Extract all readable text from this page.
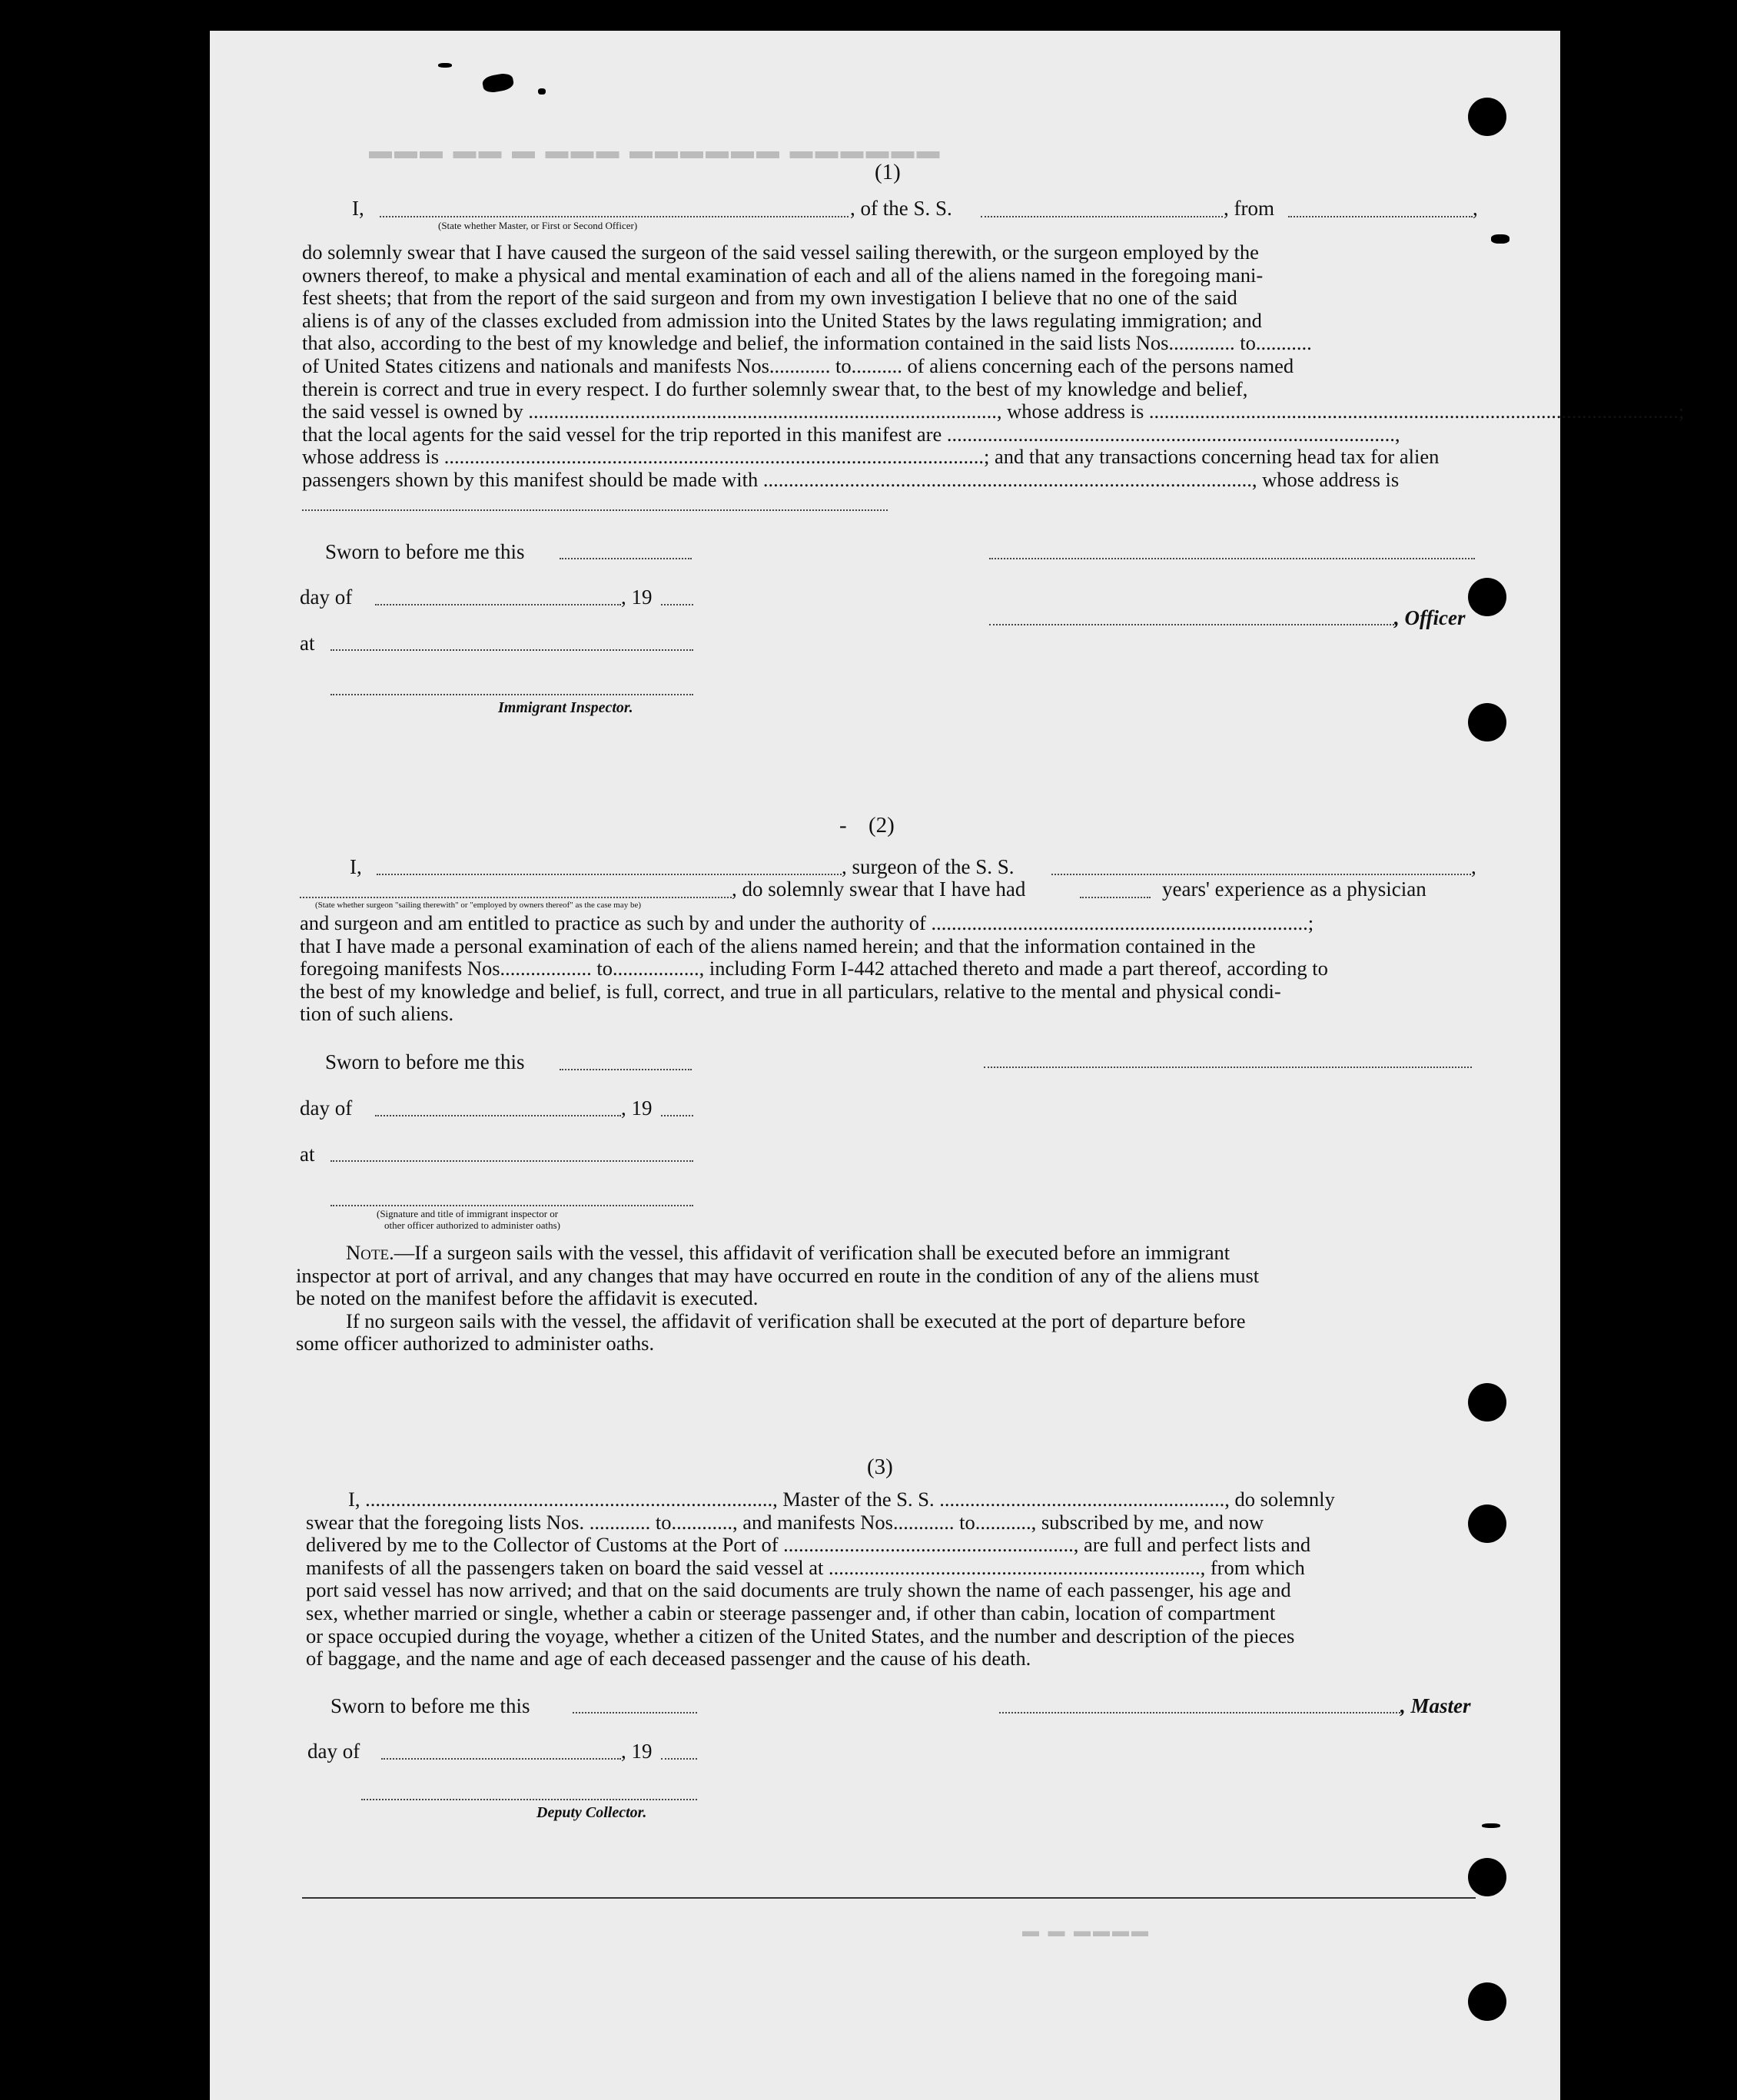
▬▬▬ ▬▬ ▬ ▬▬▬ ▬▬▬▬▬▬ ▬▬▬▬▬▬
▬ ▬ ▬▬▬▬
(1)
I,	, of the S. S.	, from	,
(State whether Master, or First or Second Officer)
do solemnly swear that I have caused the surgeon of the said vessel sailing therewith, or the surgeon employed by the
owners thereof, to make a physical and mental examination of each and all of the aliens named in the foregoing mani-
fest sheets; that from the report of the said surgeon and from my own investigation I believe that no one of the said
aliens is of any of the classes excluded from admission into the United States by the laws regulating immigration; and
that also, according to the best of my knowledge and belief, the information contained in the said lists Nos............. to...........
of United States citizens and nationals and manifests Nos............ to.......... of aliens concerning each of the persons named
therein is correct and true in every respect. I do further solemnly swear that, to the best of my knowledge and belief,
the said vessel is owned by ............................................................................................, whose address is ........................................................................................................;
that the local agents for the said vessel for the trip reported in this manifest are ........................................................................................,
whose address is ..........................................................................................................; and that any transactions concerning head tax for alien
passengers shown by this manifest should be made with ................................................................................................, whose address is
Sworn to before me this
day of	, 19
, Officer
at
Immigrant Inspector.
- (2)
I,	, surgeon of the S. S.	,
, do solemnly swear that I have had	years' experience as a physician
(State whether surgeon "sailing therewith" or "employed by owners thereof" as the case may be)
and surgeon and am entitled to practice as such by and under the authority of ..........................................................................;
that I have made a personal examination of each of the aliens named herein; and that the information contained in the
foregoing manifests Nos.................. to................., including Form I-442 attached thereto and made a part thereof, according to
the best of my knowledge and belief, is full, correct, and true in all particulars, relative to the mental and physical condi-
tion of such aliens.
Sworn to before me this
day of	, 19
at
(Signature and title of immigrant inspector or
other officer authorized to administer oaths)
Note.—If a surgeon sails with the vessel, this affidavit of verification shall be executed before an immigrant
inspector at port of arrival, and any changes that may have occurred en route in the condition of any of the aliens must
be noted on the manifest before the affidavit is executed.
If no surgeon sails with the vessel, the affidavit of verification shall be executed at the port of departure before
some officer authorized to administer oaths.
(3)
I, ................................................................................, Master of the S. S. ........................................................, do solemnly
swear that the foregoing lists Nos. ............ to............, and manifests Nos............ to..........., subscribed by me, and now
delivered by me to the Collector of Customs at the Port of ........................................................., are full and perfect lists and
manifests of all the passengers taken on board the said vessel at ........................................................................., from which
port said vessel has now arrived; and that on the said documents are truly shown the name of each passenger, his age and
sex, whether married or single, whether a cabin or steerage passenger and, if other than cabin, location of compartment
or space occupied during the voyage, whether a citizen of the United States, and the number and description of the pieces
of baggage, and the name and age of each deceased passenger and the cause of his death.
Sworn to before me this	, Master
day of	, 19
Deputy Collector.
